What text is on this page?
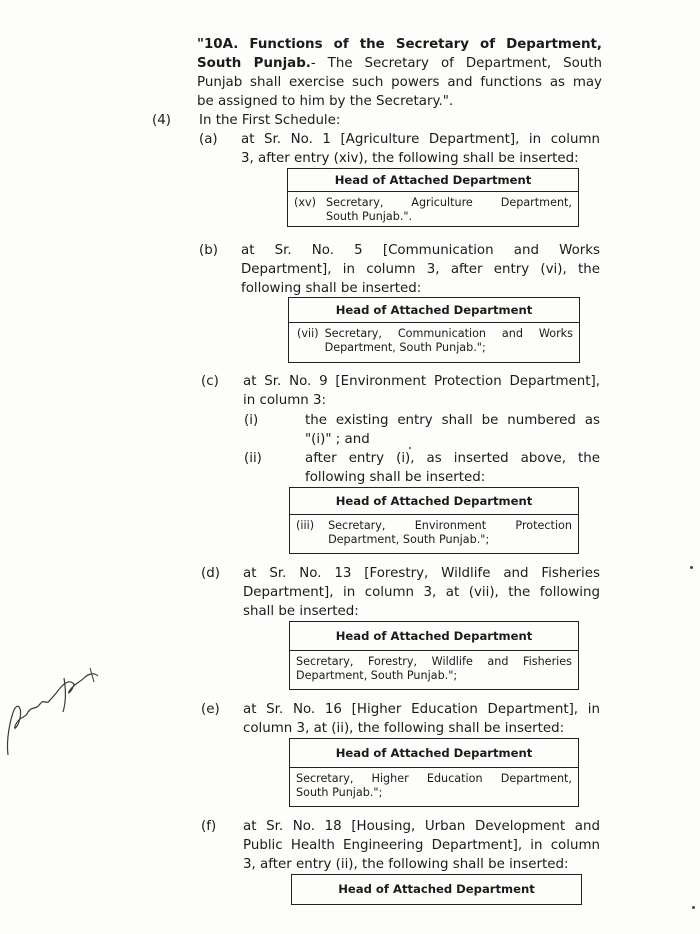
"10A. Functions of the Secretary of Department,
South Punjab.- The Secretary of Department, South
Punjab shall exercise such powers and functions as may
be assigned to him by the Secretary.".
(4) In the First Schedule:
(a) at Sr. No. 1 [Agriculture Department], in column
3, after entry (xiv), the following shall be inserted:
Head of Attached Department
(xv) Secretary, Agriculture Department,
South Punjab.".
(b) at Sr. No. 5 [Communication and Works
Department], in column 3, after entry (vi), the
following shall be inserted:
Head of Attached Department
(vii) Secretary, Communication and Works
Department, South Punjab.";
(c) at Sr. No. 9 [Environment Protection Department],
in column 3:
(i)	the existing entry shall be numbered as
"(i)" ; and
(ii)	after entry (i), as inserted above, the
following shall be inserted:
Head of Attached Department
(iii) Secretary, Environment Protection
Department, South Punjab.";
(d) at Sr. No. 13 [Forestry, Wildlife and Fisheries
Department], in column 3, at (vii), the following
shall be inserted:
Head of Attached Department
Secretary, Forestry, Wildlife and Fisheries
Department, South Punjab.";
(e) at Sr. No. 16 [Higher Education Department], in
column 3, at (ii), the following shall be inserted:
Head of Attached Department
Secretary, Higher Education Department,
South Punjab.";
(f) at Sr. No. 18 [Housing, Urban Development and
Public Health Engineering Department], in column
3, after entry (ii), the following shall be inserted:
Head of Attached Department
